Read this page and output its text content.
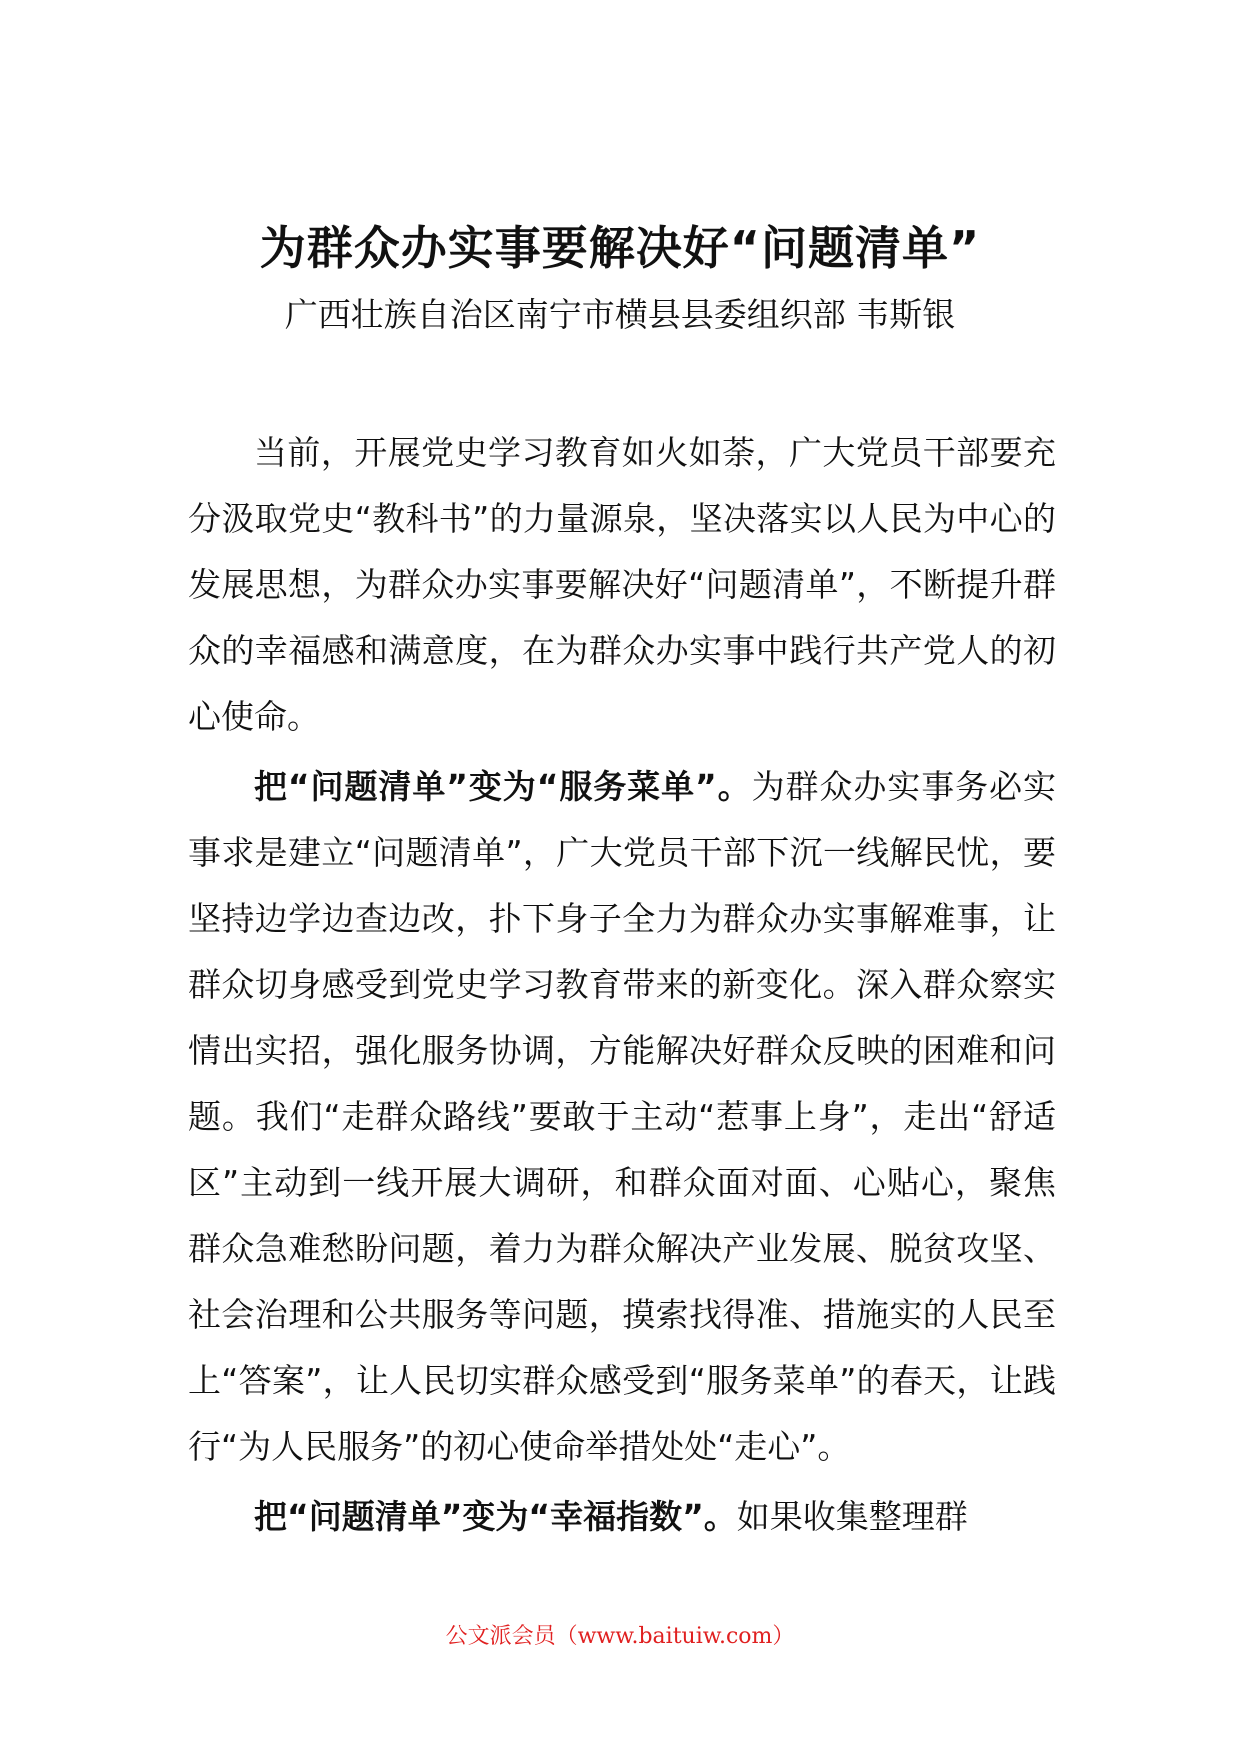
为群众办实事要解决好“问题清单”
广西壮族自治区南宁市横县县委组织部 韦斯银

当前，开展党史学习教育如火如荼，广大党员干部要充分汲取党史“教科书”的力量源泉，坚决落实以人民为中心的发展思想，为群众办实事要解决好“问题清单”，不断提升群众的幸福感和满意度，在为群众办实事中践行共产党人的初心使命。

把“问题清单”变为“服务菜单”。为群众办实事务必实事求是建立“问题清单”，广大党员干部下沉一线解民忧，要坚持边学边查边改，扑下身子全力为群众办实事解难事，让群众切身感受到党史学习教育带来的新变化。深入群众察实情出实招，强化服务协调，方能解决好群众反映的困难和问题。我们“走群众路线”要敢于主动“惹事上身”，走出“舒适区”主动到一线开展大调研，和群众面对面、心贴心，聚焦群众急难愁盼问题，着力为群众解决产业发展、脱贫攻坚、社会治理和公共服务等问题，摸索找得准、措施实的人民至上“答案”，让人民切实群众感受到“服务菜单”的春天，让践行“为人民服务”的初心使命举措处处“走心”。

把“问题清单”变为“幸福指数”。如果收集整理群

公文派会员（www.baituiw.com）
